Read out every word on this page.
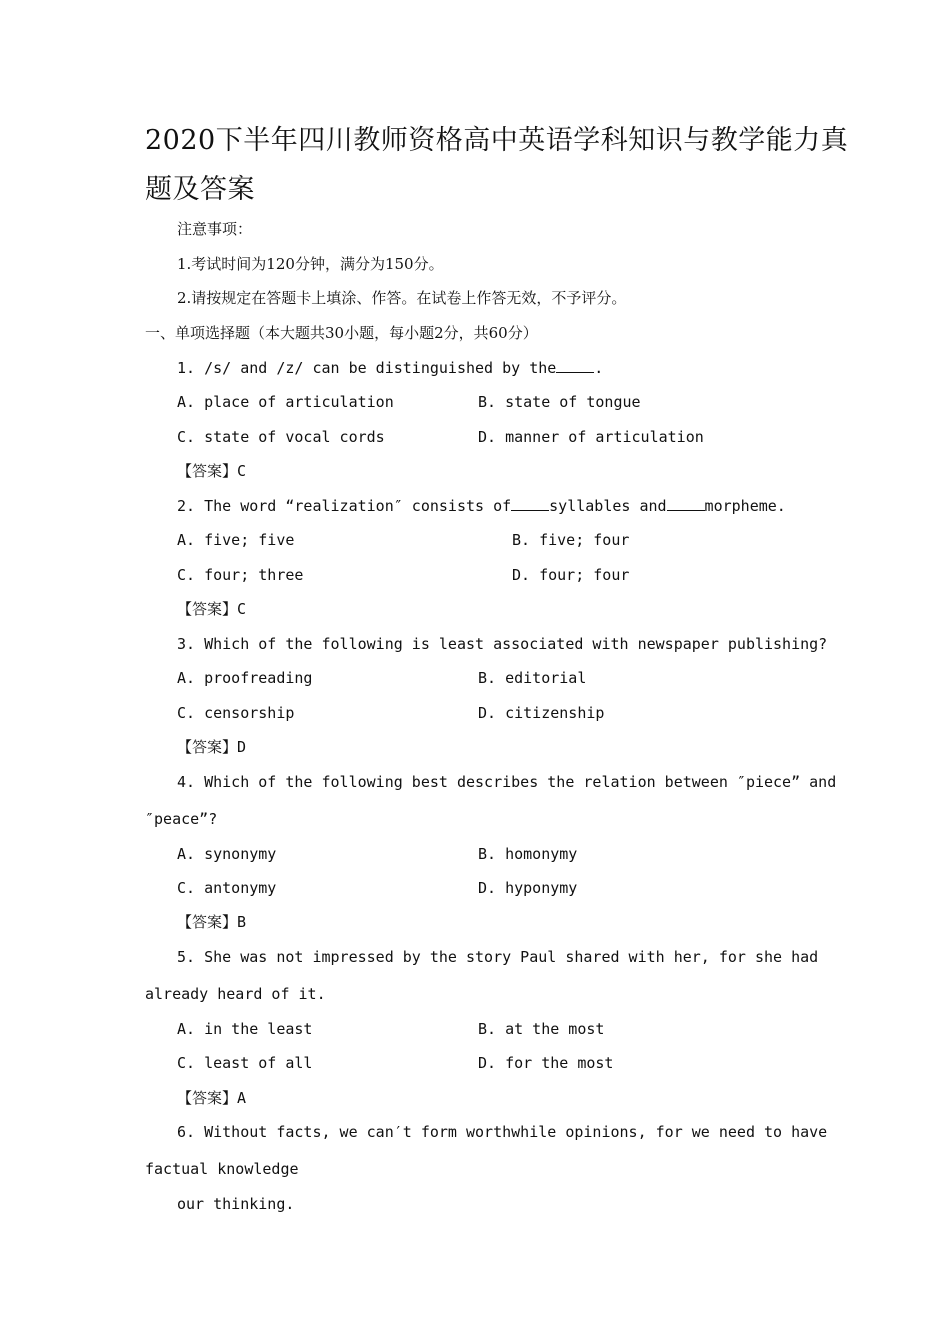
2020下半年四川教师资格高中英语学科知识与教学能力真
题及答案
注意事项：
1.考试时间为120分钟，满分为150分。
2.请按规定在答题卡上填涂、作答。在试卷上作答无效，不予评分。
一、单项选择题（本大题共30小题，每小题2分，共60分）
1. /s/ and /z/ can be distinguished by the	.
A. place of articulation	B. state of tongue
C. state of vocal cords	D. manner of articulation
【答案】C
2. The word “realization″ consists of	syllables and	morpheme.
A. five; five	B. five; four
C. four; three	D. four; four
【答案】C
3. Which of the following is least associated with newspaper publishing?
A. proofreading	B. editorial
C. censorship	D. citizenship
【答案】D
4. Which of the following best describes the relation between ″piece” and
″peace”?
A. synonymy	B. homonymy
C. antonymy	D. hyponymy
【答案】B
5. She was not impressed by the story Paul shared with her, for she had
already heard of it.
A. in the least	B. at the most
C. least of all	D. for the most
【答案】A
6. Without facts, we can′t form worthwhile opinions, for we need to have
factual knowledge
our thinking.
